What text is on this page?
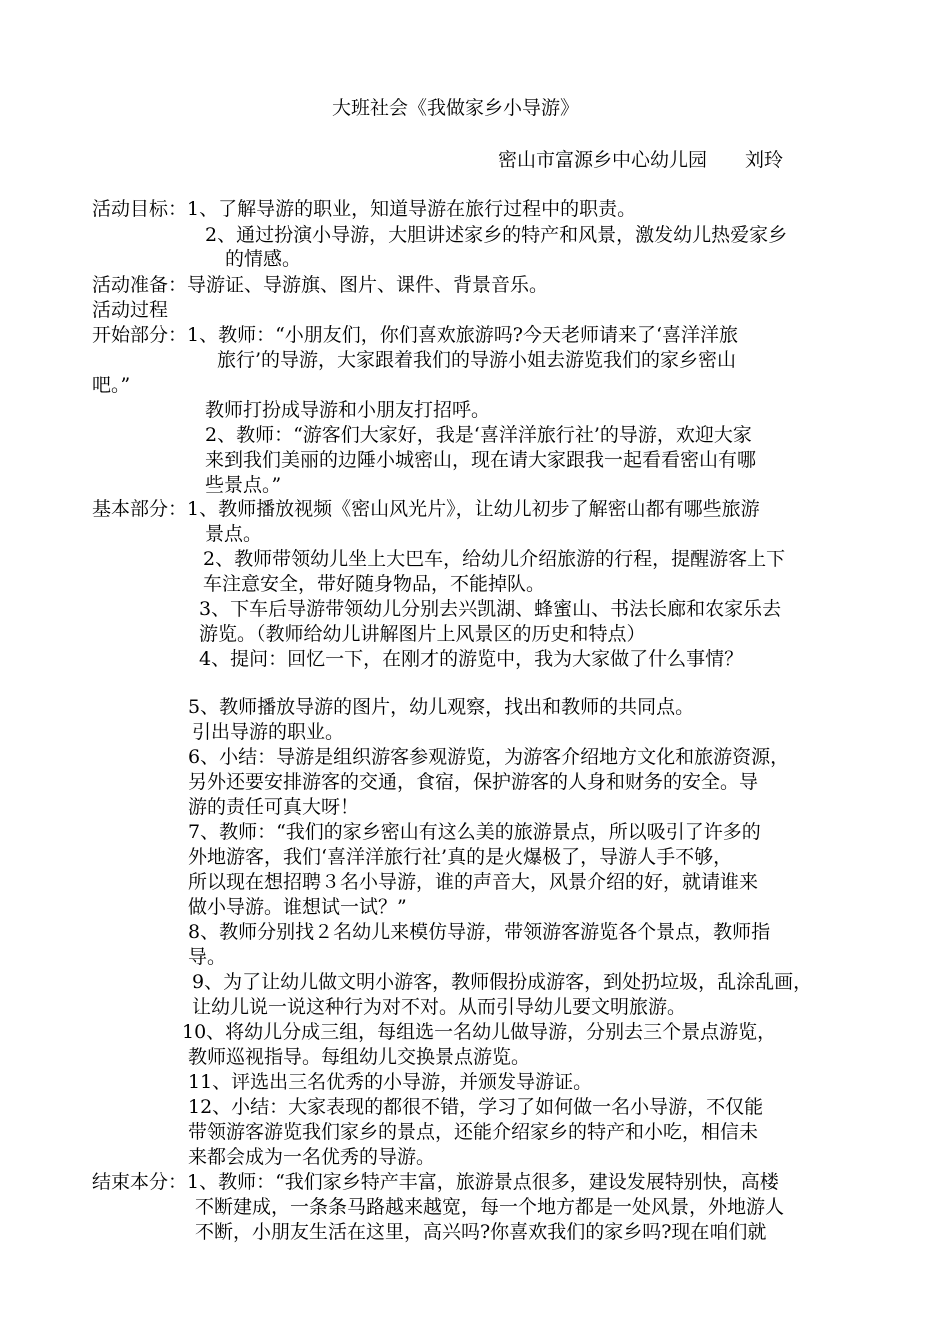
大班社会《我做家乡小导游》
密山市富源乡中心幼儿园　　刘玲
活动目标：1、了解导游的职业，知道导游在旅行过程中的职责。
2、通过扮演小导游，大胆讲述家乡的特产和风景，激发幼儿热爱家乡
的情感。
活动准备：导游证、导游旗、图片、课件、背景音乐。
活动过程
开始部分：1、教师：“小朋友们，你们喜欢旅游吗?今天老师请来了‘喜洋洋旅
旅行’的导游，大家跟着我们的导游小姐去游览我们的家乡密山
吧。”
教师打扮成导游和小朋友打招呼。
2、教师：“游客们大家好，我是‘喜洋洋旅行社’的导游，欢迎大家
来到我们美丽的边陲小城密山，现在请大家跟我一起看看密山有哪
些景点。”
基本部分：1、教师播放视频《密山风光片》，让幼儿初步了解密山都有哪些旅游
景点。
2、教师带领幼儿坐上大巴车，给幼儿介绍旅游的行程，提醒游客上下
车注意安全，带好随身物品，不能掉队。
3、下车后导游带领幼儿分别去兴凯湖、蜂蜜山、书法长廊和农家乐去
游览。（教师给幼儿讲解图片上风景区的历史和特点）
4、提问：回忆一下，在刚才的游览中，我为大家做了什么事情？
5、教师播放导游的图片，幼儿观察，找出和教师的共同点。
引出导游的职业。
6、小结：导游是组织游客参观游览，为游客介绍地方文化和旅游资源，
另外还要安排游客的交通，食宿，保护游客的人身和财务的安全。导
游的责任可真大呀！
7、教师：“我们的家乡密山有这么美的旅游景点，所以吸引了许多的
外地游客，我们‘喜洋洋旅行社’真的是火爆极了，导游人手不够，
所以现在想招聘３名小导游，谁的声音大，风景介绍的好，就请谁来
做小导游。谁想试一试？”
8、教师分别找２名幼儿来模仿导游，带领游客游览各个景点，教师指
导。
9、为了让幼儿做文明小游客，教师假扮成游客，到处扔垃圾，乱涂乱画，
让幼儿说一说这种行为对不对。从而引导幼儿要文明旅游。
10、将幼儿分成三组，每组选一名幼儿做导游，分别去三个景点游览，
教师巡视指导。每组幼儿交换景点游览。
11、评选出三名优秀的小导游，并颁发导游证。
12、小结：大家表现的都很不错，学习了如何做一名小导游，不仅能
带领游客游览我们家乡的景点，还能介绍家乡的特产和小吃，相信未
来都会成为一名优秀的导游。
结束本分：1、教师：“我们家乡特产丰富，旅游景点很多，建设发展特别快，高楼
不断建成，一条条马路越来越宽，每一个地方都是一处风景，外地游人
不断，小朋友生活在这里，高兴吗?你喜欢我们的家乡吗?现在咱们就
